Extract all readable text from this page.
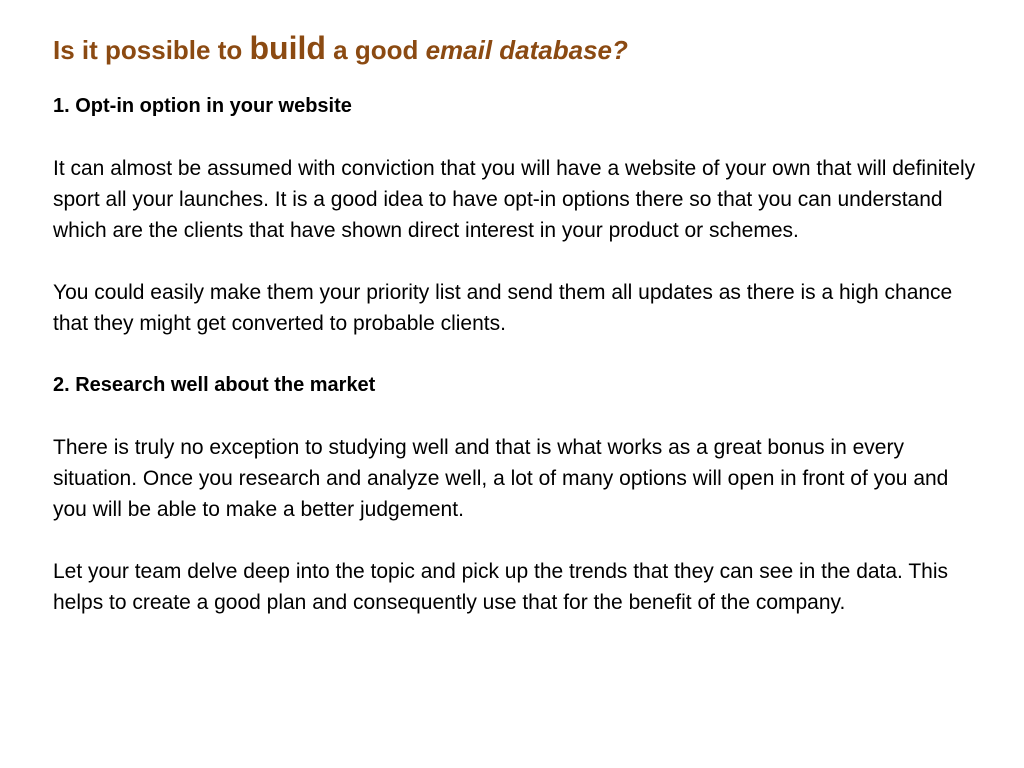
Is it possible to build a good email database?

1. Opt-in option in your website

It can almost be assumed with conviction that you will have a website of your own that will definitely sport all your launches. It is a good idea to have opt-in options there so that you can understand which are the clients that have shown direct interest in your product or schemes.

You could easily make them your priority list and send them all updates as there is a high chance that they might get converted to probable clients.

2. Research well about the market

There is truly no exception to studying well and that is what works as a great bonus in every situation. Once you research and analyze well, a lot of many options will open in front of you and you will be able to make a better judgement.

Let your team delve deep into the topic and pick up the trends that they can see in the data. This helps to create a good plan and consequently use that for the benefit of the company.
